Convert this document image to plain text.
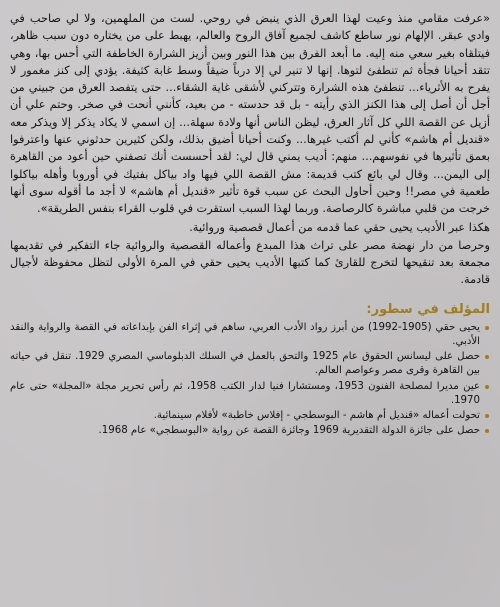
«عرفت مقامي منذ وعيت لهذا العرق الذي ينبض في روحي. لست من الملهمين، ولا لي صاحب في وادي عبقر. الإلهام نور ساطع كاشف لجميع آفاق الروح والعالم، يهبط على من يختاره دون سبب ظاهر، فيتلقاه بغير سعي منه إليه. ما أبعد الفرق بين هذا النور وبين أزيز الشرارة الخاطفة التي أحس بها، وهي تتقد أحيانا فجأة ثم تنطفئ لتوها. إنها لا تنير لي إلا درباً ضيقاً وسط غابة كثيفة. يؤدي إلى كنز مغمور لا يفرح به الأثرياء... تنطفئ هذه الشرارة وتتركني لأشقى غاية الشقاء... حتى يتفصد العرق من جبيني من أجل أن أصل إلى هذا الكنز الذي رأيته - بل قد حدسته - من بعيد، كأنني أنحت في صخر. وحتم علي أن أزيل عن القصة اللي كل آثار العرق، ليظن الناس أنها ولادة سهلة... إن اسمي لا يكاد يذكر إلا ويذكر معه «قنديل أم هاشم» كأني لم أكتب غيرها... وكنت أحيانا أضيق بذلك، ولكن كثيرين حدثوني عنها واعترفوا بعمق تأثيرها في نفوسهم... منهم: أديب يمني قال لي: لقد أحسست أنك تصفني حين أعود من القاهرة إلى اليمن... وقال لي بائع كتب قديمة: مش القصة اللي فيها واد بياكل بفتيك في أوروبا وأهله بياكلوا طعمية في مصر!! وحين أحاول البحث عن سبب قوة تأثير «قنديل أم هاشم» لا أجد ما أقوله سوى أنها خرجت من قلبي مباشرة كالرصاصة. وربما لهذا السبب استقرت في قلوب القراء بنفس الطريقة».

هكذا عبر الأديب يحيى حقي عما قدمه من أعمال قصصية وروائية.

وحرصا من دار نهضة مصر على تراث هذا المبدع وأعماله القصصية والروائية جاء التفكير في تقديمها مجمعة بعد تنقيحها لتخرج للقارئ كما كتبها الأديب يحيى حقي في المرة الأولى لتظل محفوظة لأجيال قادمة.

المؤلف في سطور:
يحيى حقي (1905-1992) من أبرز رواد الأدب العربي، ساهم في إثراء الفن بإبداعاته في القصة والرواية والنقد الأدبي.
حصل على ليسانس الحقوق عام 1925 والتحق بالعمل في السلك الدبلوماسي المصري 1929. تنقل في حياته بين القاهرة وقرى مصر وعواصم العالم.
عين مديرا لمصلحة الفنون 1953، ومستشارا فنيا لدار الكتب 1958، ثم رأس تحرير مجلة «المجلة» حتى عام 1970.
تحولت أعماله «قنديل أم هاشم - البوسطجي - إفلاس خاطبة» لأفلام سينمائية.
حصل على جائزة الدولة التقديرية 1969 وجائزة القصة عن رواية «البوسطجي» عام 1968.
